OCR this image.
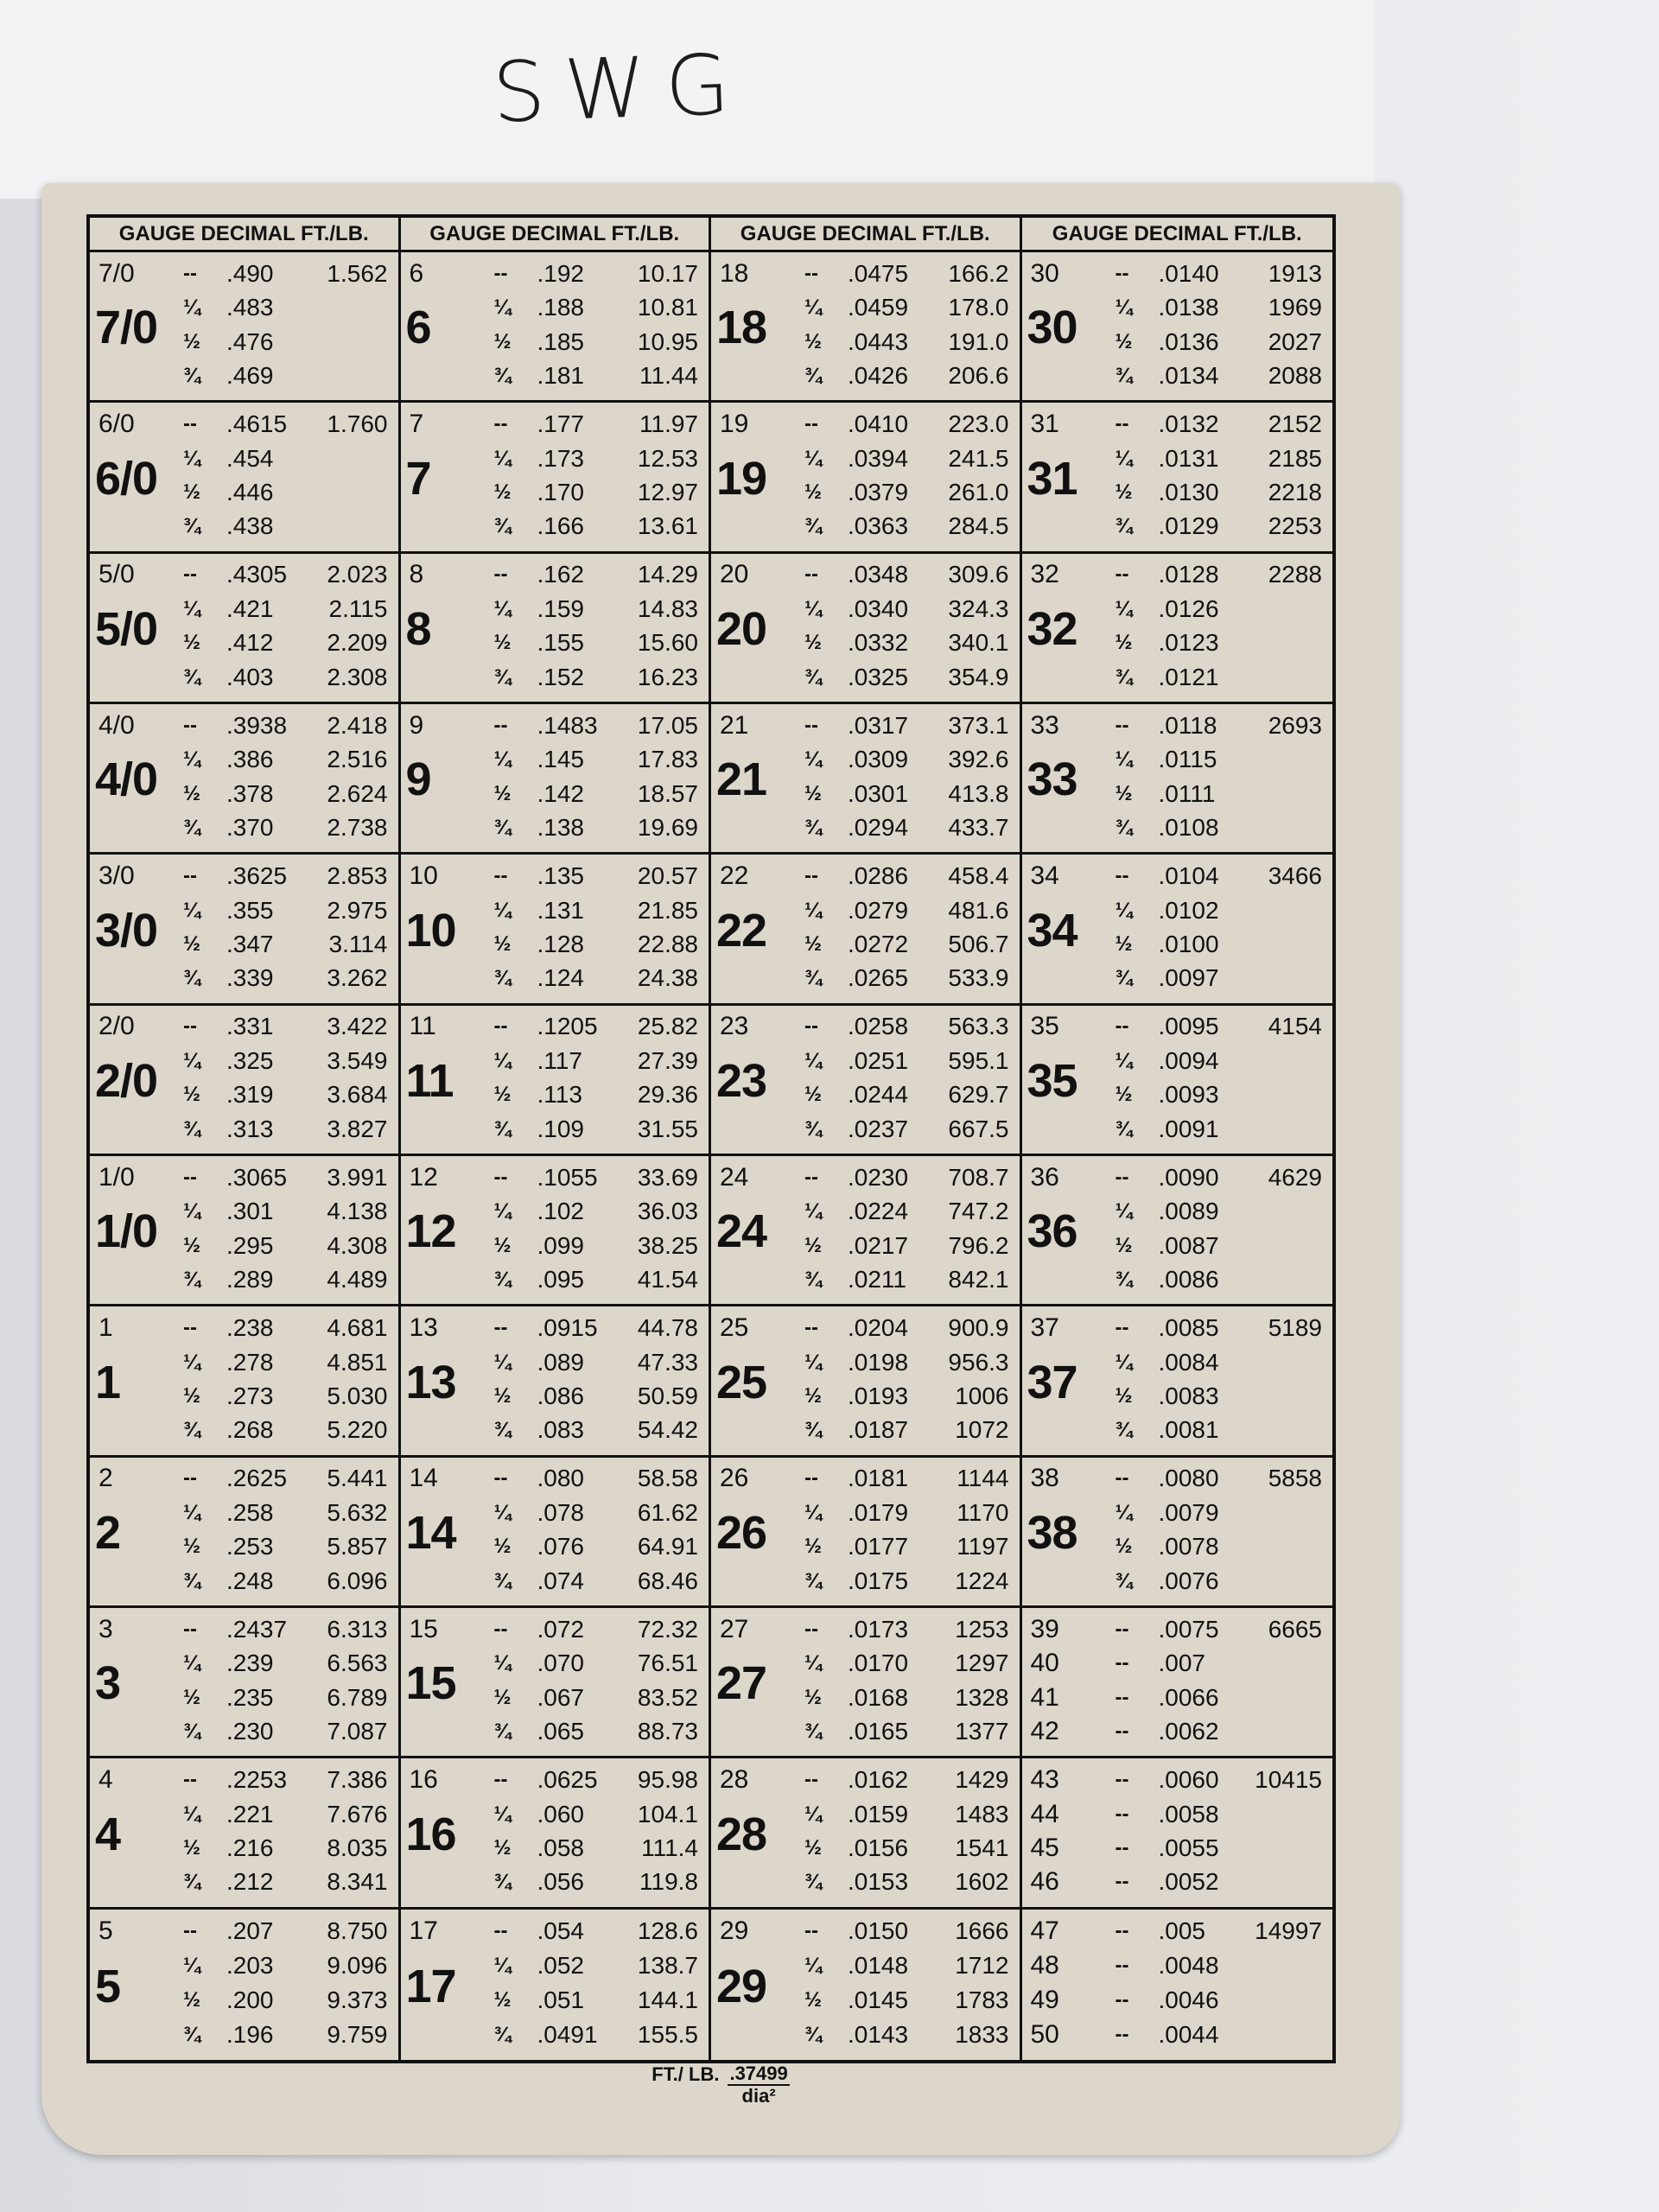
SWG
GAUGE DECIMAL FT./LB.	GAUGE DECIMAL FT./LB.	GAUGE DECIMAL FT./LB.	GAUGE DECIMAL FT./LB.
7/0
7/0 -- .490 1.562
¼ .483
½ .476
¾ .469
6
6	-- .192 10.17
¼ .188 10.81
½ .185 10.95
¾ .181 11.44
18
18	-- .0475 166.2
¼ .0459 178.0
½ .0443 191.0
¾ .0426 206.6
30
30	-- .0140 1913
¼ .0138 1969
½ .0136 2027
¾ .0134 2088
6/0
6/0 -- .4615 1.760
¼ .454
½ .446
¾ .438
7
7	-- .177 11.97
¼ .173 12.53
½ .170 12.97
¾ .166 13.61
19
19	-- .0410 223.0
¼ .0394 241.5
½ .0379 261.0
¾ .0363 284.5
31
31	-- .0132 2152
¼ .0131 2185
½ .0130 2218
¾ .0129 2253
5/0
5/0 -- .4305 2.023
¼ .421 2.115
½ .412 2.209
¾ .403 2.308
8
8	-- .162 14.29
¼ .159 14.83
½ .155 15.60
¾ .152 16.23
20
20	-- .0348 309.6
¼ .0340 324.3
½ .0332 340.1
¾ .0325 354.9
32
32	-- .0128 2288
¼ .0126
½ .0123
¾ .0121
4/0
4/0 -- .3938 2.418
¼ .386 2.516
½ .378 2.624
¾ .370 2.738
9
9	-- .1483 17.05
¼ .145 17.83
½ .142 18.57
¾ .138 19.69
21
21	-- .0317 373.1
¼ .0309 392.6
½ .0301 413.8
¾ .0294 433.7
33
33	-- .0118 2693
¼ .0115
½ .0111
¾ .0108
3/0
3/0 -- .3625 2.853
¼ .355 2.975
½ .347 3.114
¾ .339 3.262
10
10	-- .135 20.57
¼ .131 21.85
½ .128 22.88
¾ .124 24.38
22
22	-- .0286 458.4
¼ .0279 481.6
½ .0272 506.7
¾ .0265 533.9
34
34	-- .0104 3466
¼ .0102
½ .0100
¾ .0097
2/0
2/0 -- .331 3.422
¼ .325 3.549
½ .319 3.684
¾ .313 3.827
11
11	-- .1205 25.82
¼ .117 27.39
½ .113 29.36
¾ .109 31.55
23
23	-- .0258 563.3
¼ .0251 595.1
½ .0244 629.7
¾ .0237 667.5
35
35	-- .0095 4154
¼ .0094
½ .0093
¾ .0091
1/0
1/0 -- .3065 3.991
¼ .301 4.138
½ .295 4.308
¾ .289 4.489
12
12	-- .1055 33.69
¼ .102 36.03
½ .099 38.25
¾ .095 41.54
24
24	-- .0230 708.7
¼ .0224 747.2
½ .0217 796.2
¾ .0211 842.1
36
36	-- .0090 4629
¼ .0089
½ .0087
¾ .0086
1
1	-- .238 4.681
¼ .278 4.851
½ .273 5.030
¾ .268 5.220
13
13	-- .0915 44.78
¼ .089 47.33
½ .086 50.59
¾ .083 54.42
25
25	-- .0204 900.9
¼ .0198 956.3
½ .0193 1006
¾ .0187 1072
37
37	-- .0085 5189
¼ .0084
½ .0083
¾ .0081
2
2	-- .2625 5.441
¼ .258 5.632
½ .253 5.857
¾ .248 6.096
14
14	-- .080 58.58
¼ .078 61.62
½ .076 64.91
¾ .074 68.46
26
26	-- .0181 1144
¼ .0179 1170
½ .0177 1197
¾ .0175 1224
38
38	-- .0080 5858
¼ .0079
½ .0078
¾ .0076
3
3	-- .2437 6.313
¼ .239 6.563
½ .235 6.789
¾ .230 7.087
15
15	-- .072 72.32
¼ .070 76.51
½ .067 83.52
¾ .065 88.73
27
27	-- .0173 1253
¼ .0170 1297
½ .0168 1328
¾ .0165 1377
39	-- .0075 6665
40	-- .007
41	-- .0066
42	-- .0062
4
4	-- .2253 7.386
¼ .221 7.676
½ .216 8.035
¾ .212 8.341
16
16	-- .0625 95.98
¼ .060 104.1
½ .058 111.4
¾ .056 119.8
28
28	-- .0162 1429
¼ .0159 1483
½ .0156 1541
¾ .0153 1602
43	-- .0060 10415
44	-- .0058
45	-- .0055
46	-- .0052
5
5	-- .207 8.750
¼ .203 9.096
½ .200 9.373
¾ .196 9.759
17
17	-- .054 128.6
¼ .052 138.7
½ .051 144.1
¾ .0491 155.5
29
29	-- .0150 1666
¼ .0148 1712
½ .0145 1783
¾ .0143 1833
47	-- .005 14997
48	-- .0048
49	-- .0046
50	-- .0044
FT./ LB. $\frac{.37499}{\text{dia²}}$
